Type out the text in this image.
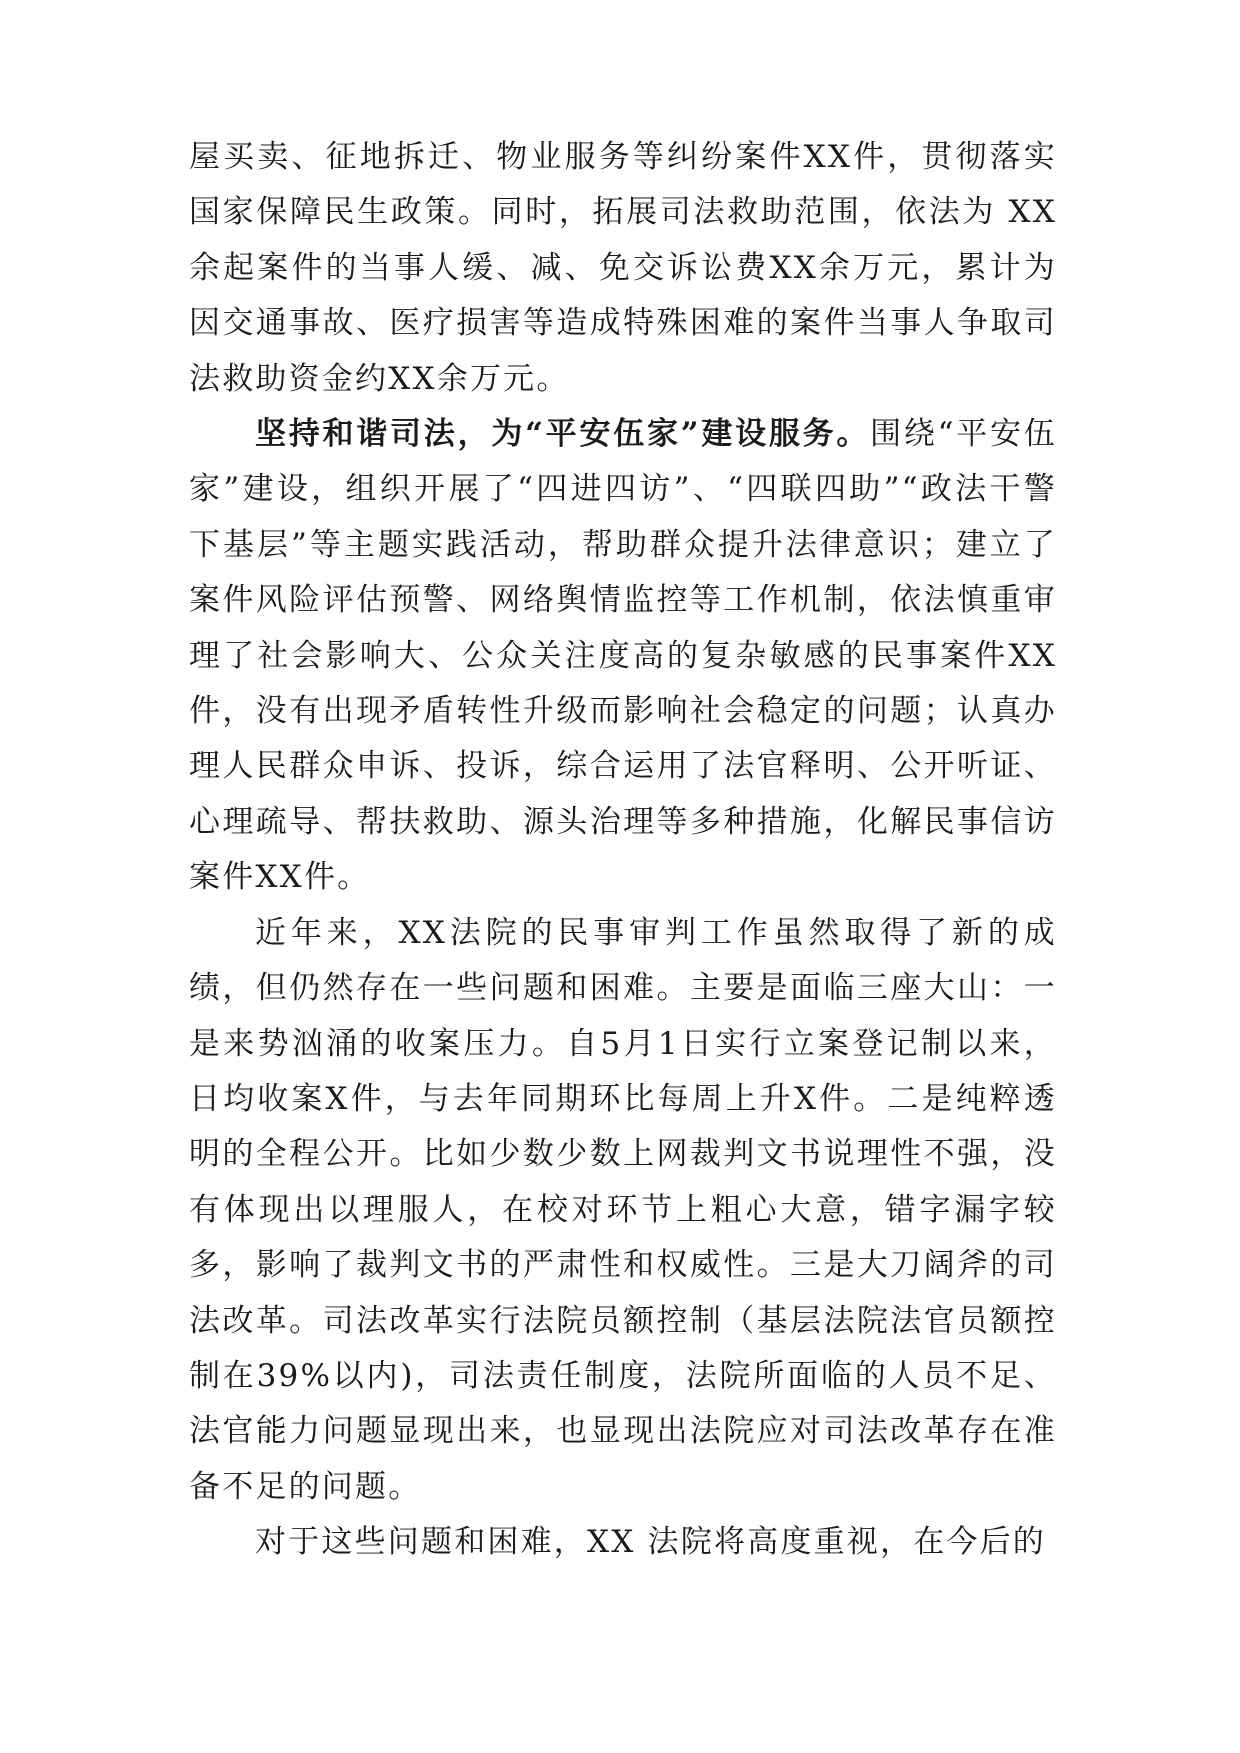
屋买卖、征地拆迁、物业服务等纠纷案件XX件，贯彻落实国家保障民生政策。同时，拓展司法救助范围，依法为 XX余起案件的当事人缓、减、免交诉讼费XX余万元，累计为因交通事故、医疗损害等造成特殊困难的案件当事人争取司法救助资金约XX余万元。

坚持和谐司法，为“平安伍家”建设服务。围绕“平安伍家”建设，组织开展了“四进四访”、“四联四助”“政法干警下基层”等主题实践活动，帮助群众提升法律意识；建立了案件风险评估预警、网络舆情监控等工作机制，依法慎重审理了社会影响大、公众关注度高的复杂敏感的民事案件XX 件，没有出现矛盾转性升级而影响社会稳定的问题；认真办理人民群众申诉、投诉，综合运用了法官释明、公开听证、心理疏导、帮扶救助、源头治理等多种措施，化解民事信访案件XX件。

近年来，XX法院的民事审判工作虽然取得了新的成绩，但仍然存在一些问题和困难。主要是面临三座大山：一是来势汹涌的收案压力。自5月1日实行立案登记制以来，日均收案X件，与去年同期环比每周上升X件。二是纯粹透明的全程公开。比如少数少数上网裁判文书说理性不强，没有体现出以理服人，在校对环节上粗心大意，错字漏字较多，影响了裁判文书的严肃性和权威性。三是大刀阔斧的司法改革。司法改革实行法院员额控制（基层法院法官员额控制在39%以内)，司法责任制度，法院所面临的人员不足、法官能力问题显现出来，也显现出法院应对司法改革存在准备不足的问题。

对于这些问题和困难，XX 法院将高度重视，在今后的
